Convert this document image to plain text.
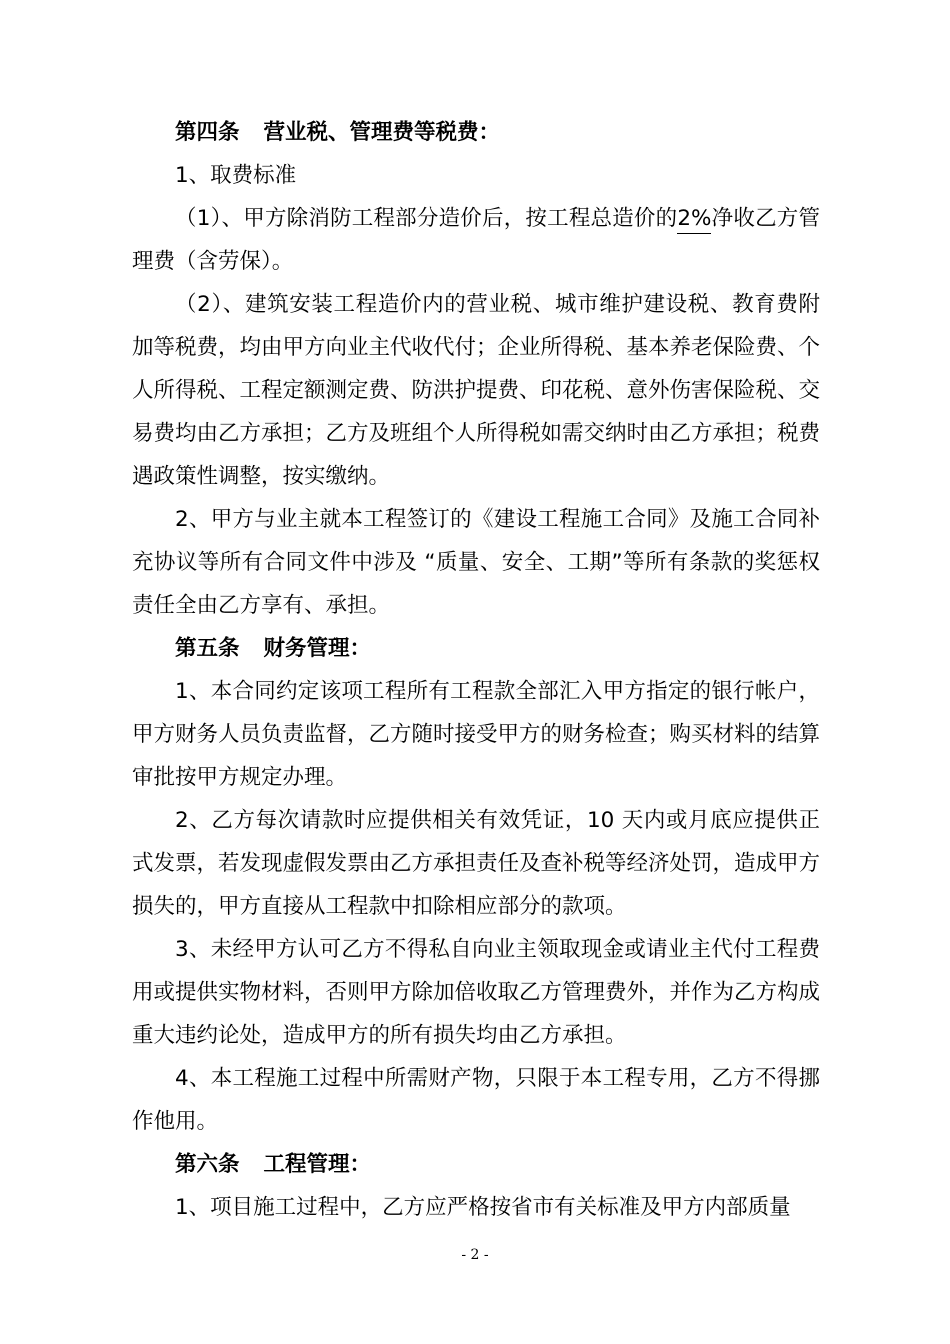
第四条 营业税、管理费等税费：

1、取费标准

（1）、甲方除消防工程部分造价后，按工程总造价的2%净收乙方管理费（含劳保）。

（2）、建筑安装工程造价内的营业税、城市维护建设税、教育费附加等税费，均由甲方向业主代收代付；企业所得税、基本养老保险费、个人所得税、工程定额测定费、防洪护提费、印花税、意外伤害保险税、交易费均由乙方承担；乙方及班组个人所得税如需交纳时由乙方承担；税费遇政策性调整，按实缴纳。

2、甲方与业主就本工程签订的《建设工程施工合同》及施工合同补充协议等所有合同文件中涉及 “质量、安全、工期”等所有条款的奖惩权责任全由乙方享有、承担。

第五条 财务管理：

1、本合同约定该项工程所有工程款全部汇入甲方指定的银行帐户，甲方财务人员负责监督，乙方随时接受甲方的财务检查；购买材料的结算审批按甲方规定办理。

2、乙方每次请款时应提供相关有效凭证，10 天内或月底应提供正式发票，若发现虚假发票由乙方承担责任及查补税等经济处罚，造成甲方损失的，甲方直接从工程款中扣除相应部分的款项。

3、未经甲方认可乙方不得私自向业主领取现金或请业主代付工程费用或提供实物材料，否则甲方除加倍收取乙方管理费外，并作为乙方构成重大违约论处，造成甲方的所有损失均由乙方承担。

4、本工程施工过程中所需财产物，只限于本工程专用，乙方不得挪作他用。

第六条 工程管理：

1、项目施工过程中，乙方应严格按省市有关标准及甲方内部质量

- 2 -
